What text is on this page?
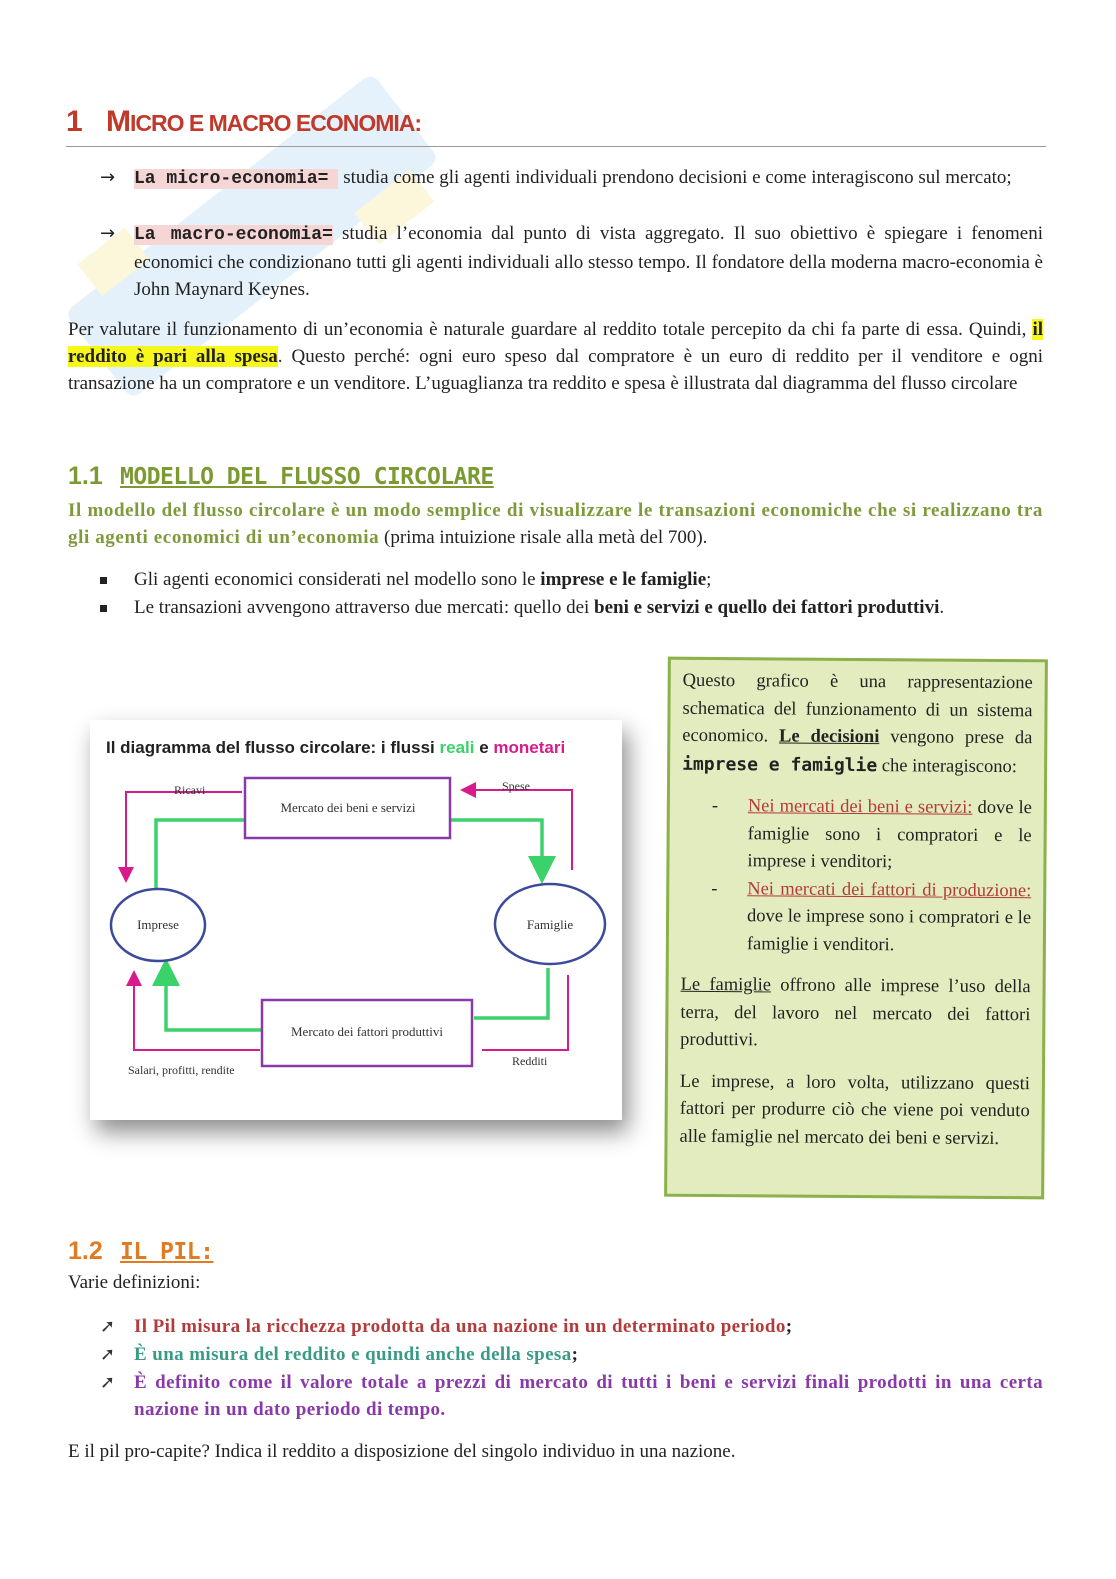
1 MICRO E MACRO ECONOMIA:
→ La micro-economia= studia come gli agenti individuali prendono decisioni e come interagiscono sul mercato;
→ La macro-economia= studia l’economia dal punto di vista aggregato. Il suo obiettivo è spiegare i fenomeni economici che condizionano tutti gli agenti individuali allo stesso tempo. Il fondatore della moderna macro-economia è John Maynard Keynes.
Per valutare il funzionamento di un’economia è naturale guardare al reddito totale percepito da chi fa parte di essa. Quindi, il reddito è pari alla spesa. Questo perché: ogni euro speso dal compratore è un euro di reddito per il venditore e ogni transazione ha un compratore e un venditore. L’uguaglianza tra reddito e spesa è illustrata dal diagramma del flusso circolare
1.1 MODELLO DEL FLUSSO CIRCOLARE
Il modello del flusso circolare è un modo semplice di visualizzare le transazioni economiche che si realizzano tra gli agenti economici di un’economia (prima intuizione risale alla metà del 700).
Gli agenti economici considerati nel modello sono le imprese e le famiglie;
Le transazioni avvengono attraverso due mercati: quello dei beni e servizi e quello dei fattori produttivi.
Il diagramma del flusso circolare: i flussi reali e monetari
Mercato dei beni e servizi
Mercato dei fattori produttivi
Imprese	Famiglie
Ricavi	Spese
Redditi
Salari, profitti, rendite

Questo grafico è una rappresentazione schematica del funzionamento di un sistema economico. Le decisioni vengono prese da imprese e famiglie che interagiscono:

- Nei mercati dei beni e servizi: dove le famiglie sono i compratori e le imprese i venditori;

- Nei mercati dei fattori di produzione: dove le imprese sono i compratori e le famiglie i venditori.

Le famiglie offrono alle imprese l’uso della terra, del lavoro nel mercato dei fattori produttivi.

Le imprese, a loro volta, utilizzano questi fattori per produrre ciò che viene poi venduto alle famiglie nel mercato dei beni e servizi.

1.2 IL PIL:
Varie definizioni:
➚ Il Pil misura la ricchezza prodotta da una nazione in un determinato periodo;
➚ È una misura del reddito e quindi anche della spesa;
➚ È definito come il valore totale a prezzi di mercato di tutti i beni e servizi finali prodotti in una certa nazione in un dato periodo di tempo.
E il pil pro-capite? Indica il reddito a disposizione del singolo individuo in una nazione.
